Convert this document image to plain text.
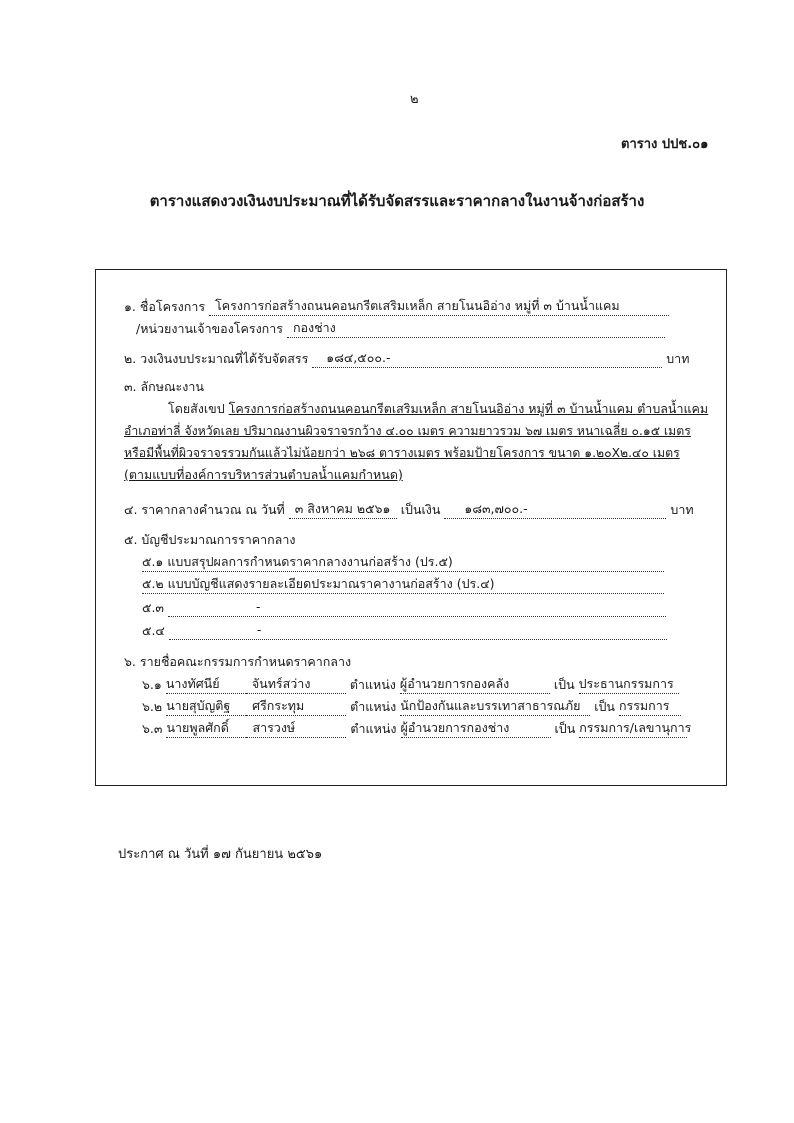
๒
ตาราง ปปช.๐๑
ตารางแสดงวงเงินงบประมาณที่ได้รับจัดสรรและราคากลางในงานจ้างก่อสร้าง
๑. ชื่อโครงการ โครงการก่อสร้างถนนคอนกรีตเสริมเหล็ก สายโนนอิอ่าง หมู่ที่ ๓ บ้านน้ำแคม
/หน่วยงานเจ้าของโครงการ กองช่าง
๒. วงเงินงบประมาณที่ได้รับจัดสรร ๑๘๔,๕๐๐.-	บาท
๓. ลักษณะงาน
โดยสังเขป โครงการก่อสร้างถนนคอนกรีตเสริมเหล็ก สายโนนอิอ่าง หมู่ที่ ๓ บ้านน้ำแคม ตำบลน้ำแคม
อำเภอท่าลี่ จังหวัดเลย ปริมาณงานผิวจราจรกว้าง ๔.๐๐ เมตร ความยาวรวม ๖๗ เมตร หนาเฉลี่ย ๐.๑๕ เมตร
หรือมีพื้นที่ผิวจราจรรวมกันแล้วไม่น้อยกว่า ๒๖๘ ตารางเมตร พร้อมป้ายโครงการ ขนาด ๑.๒๐X๒.๔๐ เมตร
(ตามแบบที่องค์การบริหารส่วนตำบลน้ำแคมกำหนด)
๔. ราคากลางคำนวณ ณ วันที่ ๓ สิงหาคม ๒๕๖๑ เป็นเงิน ๑๘๓,๗๐๐.-	บาท
๕. บัญชีประมาณการราคากลาง
๕.๑ แบบสรุปผลการกำหนดราคากลางงานก่อสร้าง (ปร.๕)
๕.๒ แบบบัญชีแสดงรายละเอียดประมาณราคางานก่อสร้าง (ปร.๔)
๕.๓	-
๕.๔	-
๖. รายชื่อคณะกรรมการกำหนดราคากลาง
๖.๑ นางทัศนีย์	จันทร์สว่าง	ตำแหน่ง ผู้อำนวยการกองคลัง	เป็น ประธานกรรมการ
๖.๒ นายสุบัญติฐ ศรีกระทุม	ตำแหน่ง นักป้องกันและบรรเทาสาธารณภัย เป็น กรรมการ
๖.๓ นายพูลศักดิ์ สารวงษ์	ตำแหน่ง ผู้อำนวยการกองช่าง	เป็น กรรมการ/เลขานุการ
ประกาศ ณ วันที่ ๑๗ กันยายน ๒๕๖๑
